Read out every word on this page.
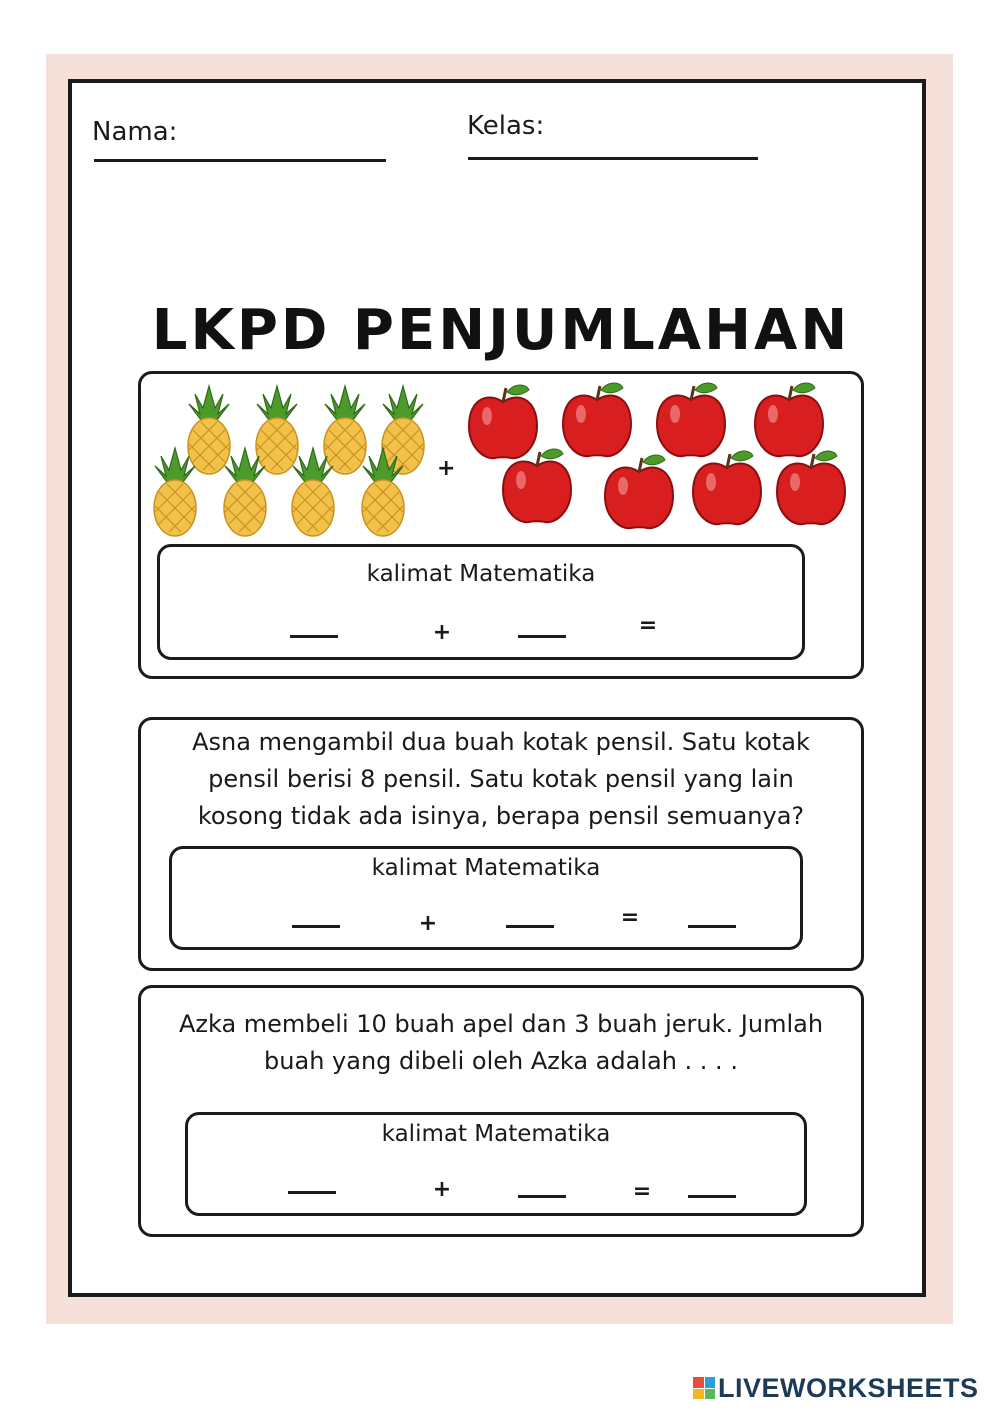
Nama:	Kelas:
LKPD PENJUMLAHAN

+
kalimat Matematika
+	=
Asna mengambil dua buah kotak pensil. Satu kotak
pensil berisi 8 pensil. Satu kotak pensil yang lain
kosong tidak ada isinya, berapa pensil semuanya?
kalimat Matematika
+	=
Azka membeli 10 buah apel dan 3 buah jeruk. Jumlah
buah yang dibeli oleh Azka adalah . . . .
kalimat Matematika
+	=
LIVEWORKSHEETS
